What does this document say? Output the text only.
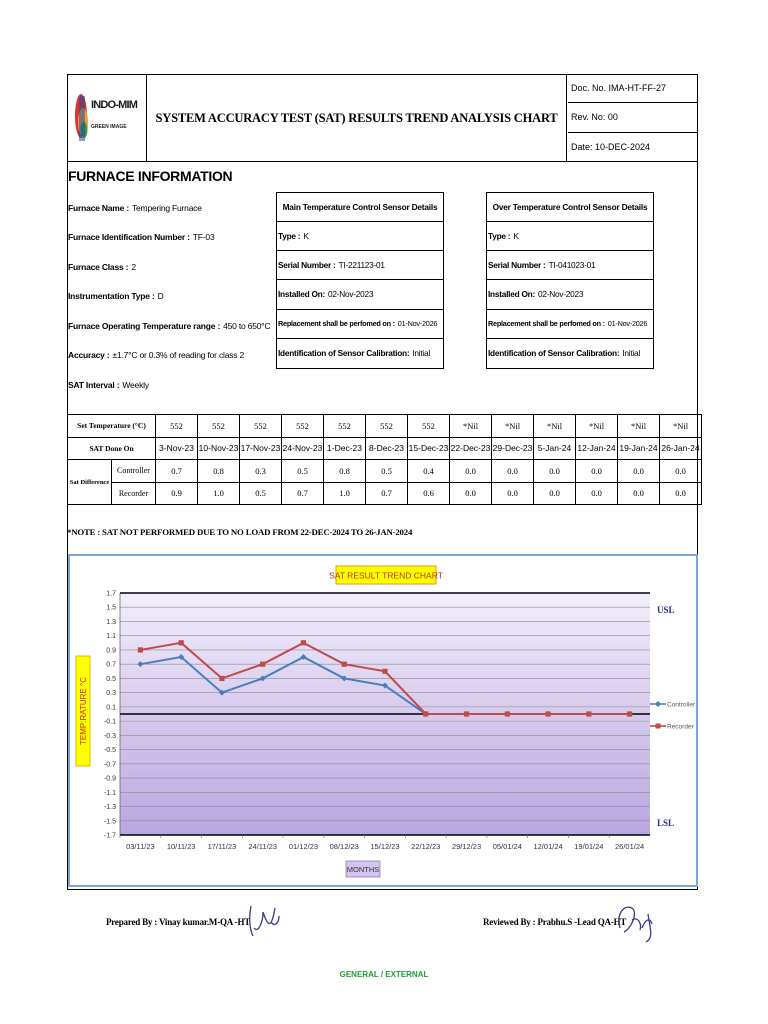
INDO-MIM
GREEN IMAGE
SYSTEM ACCURACY TEST (SAT) RESULTS TREND ANALYSIS CHART
Doc. No. IMA-HT-FF-27
Rev. No: 00
Date: 10-DEC-2024
FURNACE INFORMATION
Furnace Name : Tempering Furnace
Furnace Identification Number : TF-03
Furnace Class : 2
Instrumentation Type : D
Furnace Operating Temperature range : 450 to 650°C
Accuracy : ±1.7°C or 0.3% of reading for class 2
SAT Interval : Weekly
Main Temperature Control Sensor Details
Type : K
Serial Number : TI-221123-01
Installed On: 02-Nov-2023
Replacement shall be perfomed on : 01-Nov-2026
Identification of Sensor Calibration: Initial
Over Temperature Control Sensor Details
Type : K
Serial Number : TI-041023-01
Installed On: 02-Nov-2023
Replacement shall be perfomed on : 01-Nov-2026
Identification of Sensor Calibration: Initial
Set Temperature (°C)		552	552	552	552	552	552	552	*Nil	*Nil	*Nil	*Nil	*Nil	*Nil
SAT Done On		3-Nov-23	10-Nov-23	17-Nov-23	24-Nov-23	1-Dec-23	8-Dec-23	15-Dec-23	22-Dec-23	29-Dec-23	5-Jan-24	12-Jan-24	19-Jan-24	26-Jan-24
Sat Difference	Controller	0.7	0.8	0.3	0.5	0.8	0.5	0.4	0.0	0.0	0.0	0.0	0.0	0.0
	Recorder	0.9	1.0	0.5	0.7	1.0	0.7	0.6	0.0	0.0	0.0	0.0	0.0	0.0
*NOTE : SAT NOT PERFORMED DUE TO NO LOAD FROM 22-DEC-2024 TO 26-JAN-2024
1.7
1.5
1.3
1.1
0.9
0.7
0.5
0.3
0.1
-0.1
-0.3
-0.5
-0.7
-0.9
-1.1
-1.3
-1.5
-1.7
03/11/23 10/11/23 17/11/23 24/11/23 01/12/23 08/12/23 15/12/23 22/12/23 29/12/23 05/01/24 12/01/24 19/01/24 26/01/24
SAT RESULT TREND CHART
MONTHS
TEMP:RATURE °C
USL
LSL
Controller
Recorder
Prepared By : Vinay kumar.M-QA -HT	Reviewed By : Prabhu.S -Lead QA-HT
GENERAL / EXTERNAL
